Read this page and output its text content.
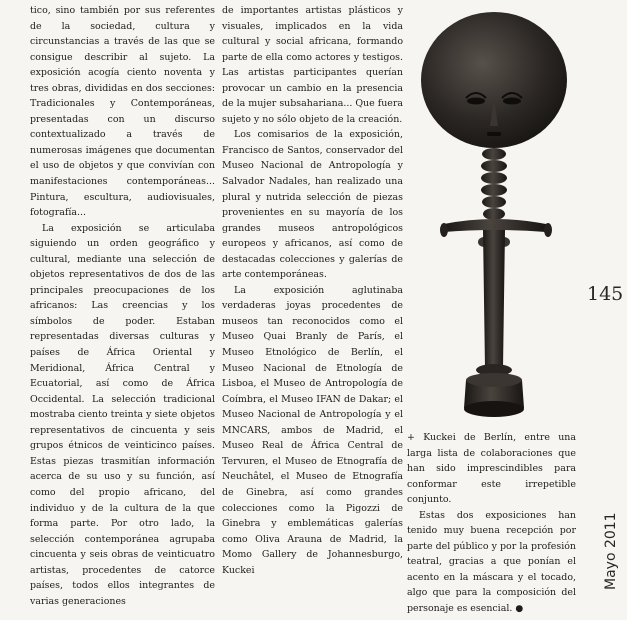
tico, sino también por sus referentes de la sociedad, cultura y circunstancias a través de las que se consigue describir al sujeto. La exposición acogía ciento noventa y tres obras, divididas en dos secciones: Tradicionales y Contemporáneas, presentadas con un discurso contextualizado a través de numerosas imágenes que documentan el uso de objetos y que convivían con manifestaciones contemporáneas... Pintura, escultura, audiovisuales, fotografía...

La exposición se articulaba siguiendo un orden geográfico y cultural, mediante una selección de objetos representativos de dos de las principales preocupaciones de los africanos: Las creencias y los símbolos de poder. Estaban representadas diversas culturas y países de África Oriental y Meridional, África Central y Ecuatorial, así como de África Occidental. La selección tradicional mostraba ciento treinta y siete objetos representativos de cincuenta y seis grupos étnicos de veinticinco países. Estas piezas trasmitían información acerca de su uso y su función, así como del propio africano, del individuo y de la cultura de la que forma parte. Por otro lado, la selección contemporánea agrupaba cincuenta y seis obras de veinticuatro artistas, procedentes de catorce países, todos ellos integrantes de varias generaciones

de importantes artistas plásticos y visuales, implicados en la vida cultural y social africana, formando parte de ella como actores y testigos. Las artistas participantes querían provocar un cambio en la presencia de la mujer subsahariana... Que fuera sujeto y no sólo objeto de la creación.

Los comisarios de la exposición, Francisco de Santos, conservador del Museo Nacional de Antropología y Salvador Nadales, han realizado una plural y nutrida selección de piezas provenientes en su mayoría de los grandes museos antropológicos europeos y africanos, así como de destacadas colecciones y galerías de arte contemporáneas.

La exposición aglutinaba verdaderas joyas procedentes de museos tan reconocidos como el Museo Quai Branly de París, el Museo Etnológico de Berlín, el Museo Nacional de Etnología de Lisboa, el Museo de Antropología de Coímbra, el Museo IFAN de Dakar; el Museo Nacional de Antropología y el MNCARS, ambos de Madrid, el Museo Real de África Central de Tervuren, el Museo de Etnografía de Neuchâtel, el Museo de Etnografía de Ginebra, así como grandes colecciones como la Pigozzi de Ginebra y emblemáticas galerías como Oliva Arauna de Madrid, la Momo Gallery de Johannesburgo, Kuckei

+ Kuckei de Berlín, entre una larga lista de colaboraciones que han sido imprescindibles para conformar este irrepetible conjunto.

Estas dos exposiciones han tenido muy buena recepción por parte del público y por la profesión teatral, gracias a que ponían el acento en la máscara y el tocado, algo que para la composición del personaje es esencial. ●

145
Mayo 2011
